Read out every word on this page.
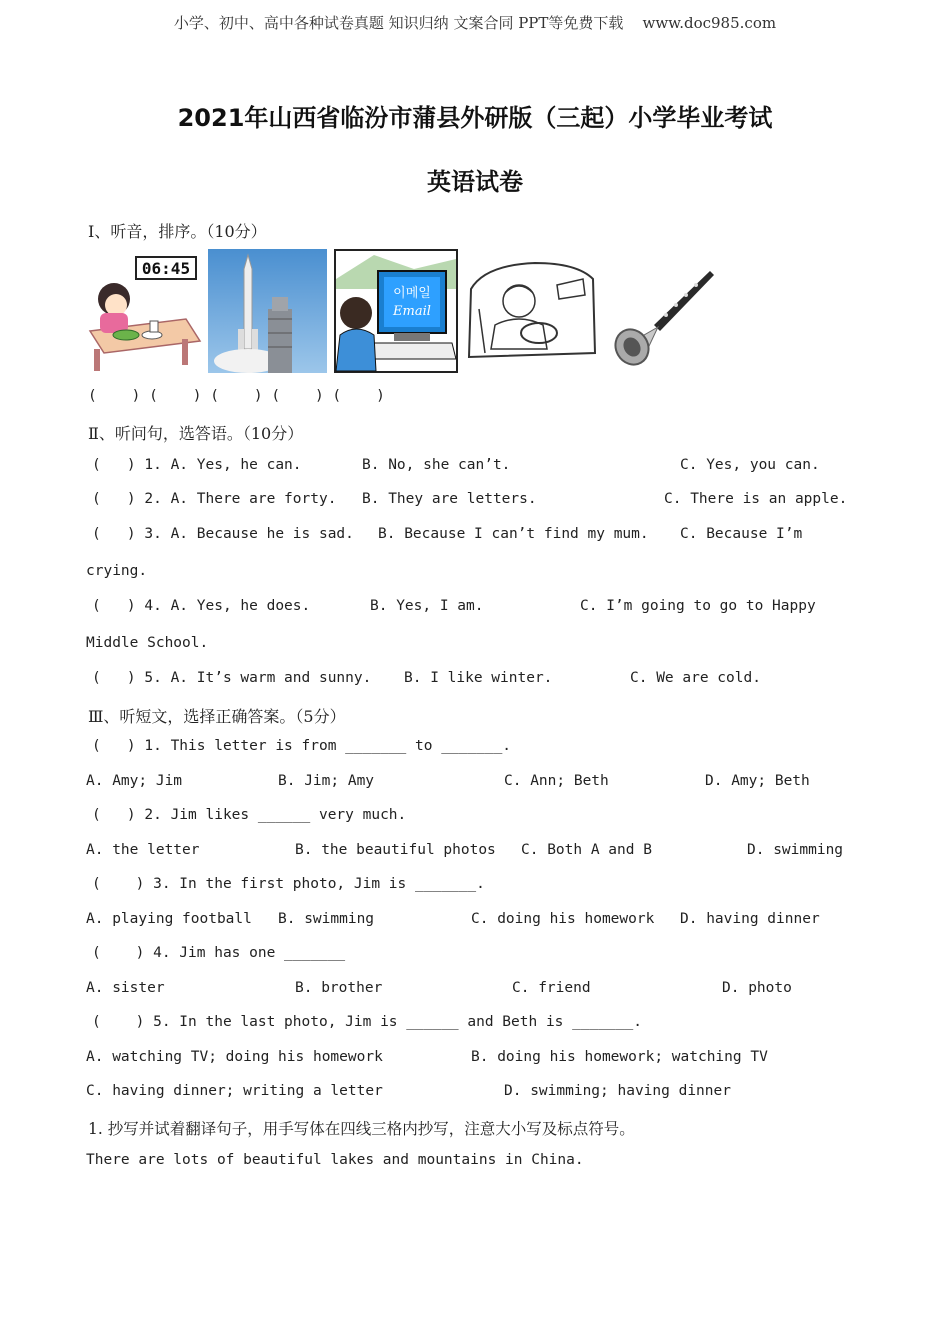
小学、初中、高中各种试卷真题 知识归纳 文案合同 PPT等免费下载    www.doc985.com
2021年山西省临汾市蒲县外研版（三起）小学毕业考试
英语试卷
Ⅰ、听音，排序。（10分）
06:45
이메일
Email
(    ) (    ) (    ) (    ) (    )
Ⅱ、听问句，选答语。（10分）
(   ) 1. A. Yes, he can.	B. No, she can’t.	C. Yes, you can.
(   ) 2. A. There are forty. B. They are letters.	C. There is an apple.
(   ) 3. A. Because he is sad. B. Because I can’t find my mum. C. Because I’m
crying.
(   ) 4. A. Yes, he does.	B. Yes, I am.	C. I’m going to go to Happy
Middle School.
(   ) 5. A. It’s warm and sunny. B. I like winter.	C. We are cold.
Ⅲ、听短文，选择正确答案。（5分）
(   ) 1. This letter is from _______ to _______.
A. Amy; Jim	B. Jim; Amy	C. Ann; Beth	D. Amy; Beth
(   ) 2. Jim likes ______ very much.
A. the letter	B. the beautiful photos C. Both A and B	D. swimming
(    ) 3. In the first photo, Jim is _______.
A. playing football B. swimming	C. doing his homework D. having dinner
(    ) 4. Jim has one _______
A. sister	B. brother	C. friend	D. photo
(    ) 5. In the last photo, Jim is ______ and Beth is _______.
A. watching TV; doing his homework	B. doing his homework; watching TV
C. having dinner; writing a letter	D. swimming; having dinner
1. 抄写并试着翻译句子，用手写体在四线三格内抄写，注意大小写及标点符号。
There are lots of beautiful lakes and mountains in China.
